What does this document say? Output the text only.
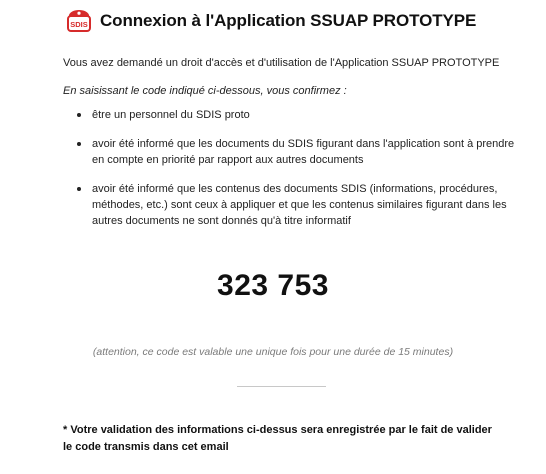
SDIS Connexion à l'Application SSUAP PROTOTYPE
Vous avez demandé un droit d'accès et d'utilisation de l'Application SSUAP PROTOTYPE
En saisissant le code indiqué ci-dessous, vous confirmez :
être un personnel du SDIS proto
avoir été informé que les documents du SDIS figurant dans l'application sont à prendre en compte en priorité par rapport aux autres documents
avoir été informé que les contenus des documents SDIS (informations, procédures, méthodes, etc.) sont ceux à appliquer et que les contenus similaires figurant dans les autres documents ne sont donnés qu'à titre informatif
323 753
(attention, ce code est valable une unique fois pour une durée de 15 minutes)
* Votre validation des informations ci-dessus sera enregistrée par le fait de valider le code transmis dans cet email
